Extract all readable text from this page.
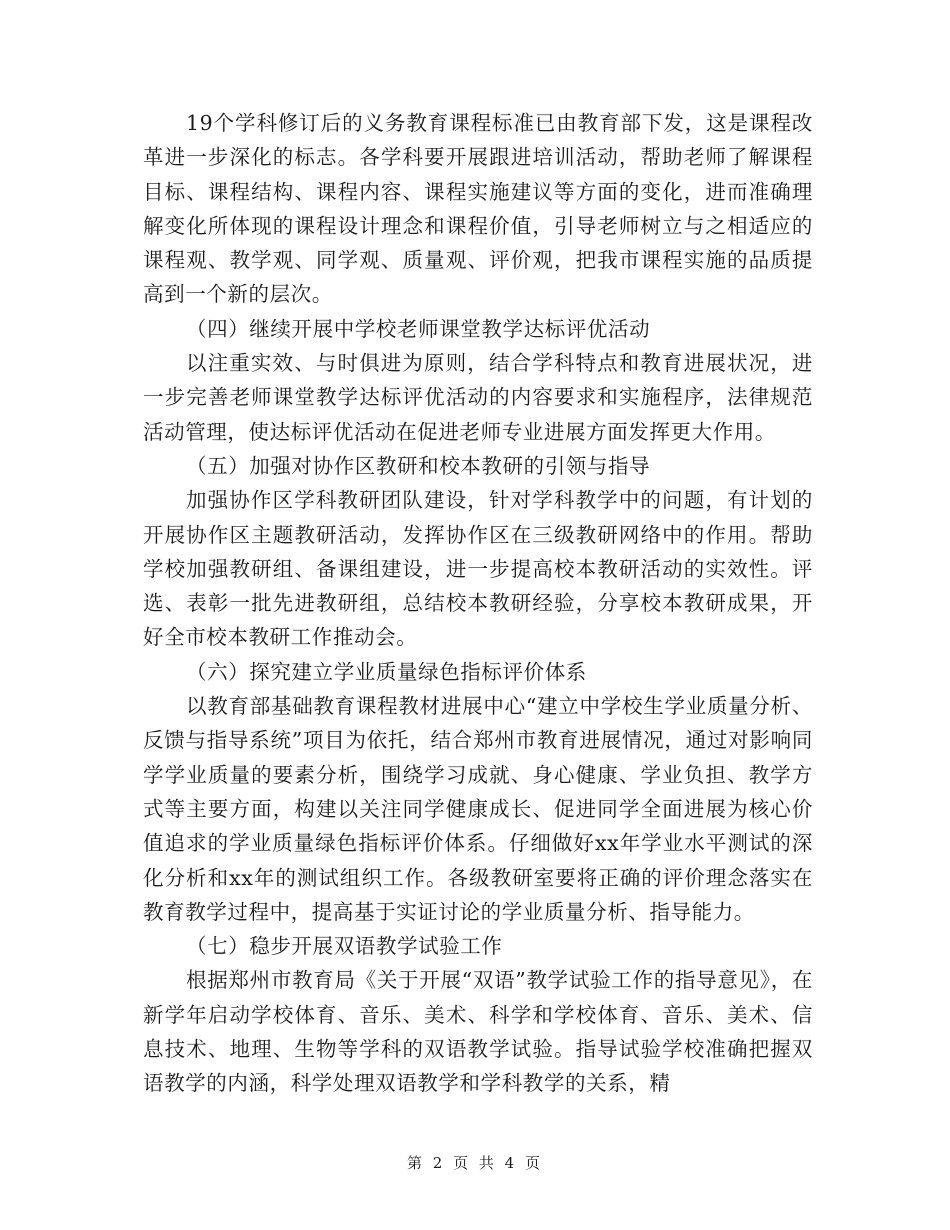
19个学科修订后的义务教育课程标准已由教育部下发，这是课程改革进一步深化的标志。各学科要开展跟进培训活动，帮助老师了解课程目标、课程结构、课程内容、课程实施建议等方面的变化，进而准确理解变化所体现的课程设计理念和课程价值，引导老师树立与之相适应的课程观、教学观、同学观、质量观、评价观，把我市课程实施的品质提高到一个新的层次。

（四）继续开展中学校老师课堂教学达标评优活动

以注重实效、与时俱进为原则，结合学科特点和教育进展状况，进一步完善老师课堂教学达标评优活动的内容要求和实施程序，法律规范活动管理，使达标评优活动在促进老师专业进展方面发挥更大作用。

（五）加强对协作区教研和校本教研的引领与指导

加强协作区学科教研团队建设，针对学科教学中的问题，有计划的开展协作区主题教研活动，发挥协作区在三级教研网络中的作用。帮助学校加强教研组、备课组建设，进一步提高校本教研活动的实效性。评选、表彰一批先进教研组，总结校本教研经验，分享校本教研成果，开好全市校本教研工作推动会。

（六）探究建立学业质量绿色指标评价体系

以教育部基础教育课程教材进展中心“建立中学校生学业质量分析、反馈与指导系统”项目为依托，结合郑州市教育进展情况，通过对影响同学学业质量的要素分析，围绕学习成就、身心健康、学业负担、教学方式等主要方面，构建以关注同学健康成长、促进同学全面进展为核心价值追求的学业质量绿色指标评价体系。仔细做好xx年学业水平测试的深化分析和xx年的测试组织工作。各级教研室要将正确的评价理念落实在教育教学过程中，提高基于实证讨论的学业质量分析、指导能力。

（七）稳步开展双语教学试验工作

根据郑州市教育局《关于开展“双语”教学试验工作的指导意见》，在新学年启动学校体育、音乐、美术、科学和学校体育、音乐、美术、信息技术、地理、生物等学科的双语教学试验。指导试验学校准确把握双语教学的内涵，科学处理双语教学和学科教学的关系，精

第 2 页 共 4 页
